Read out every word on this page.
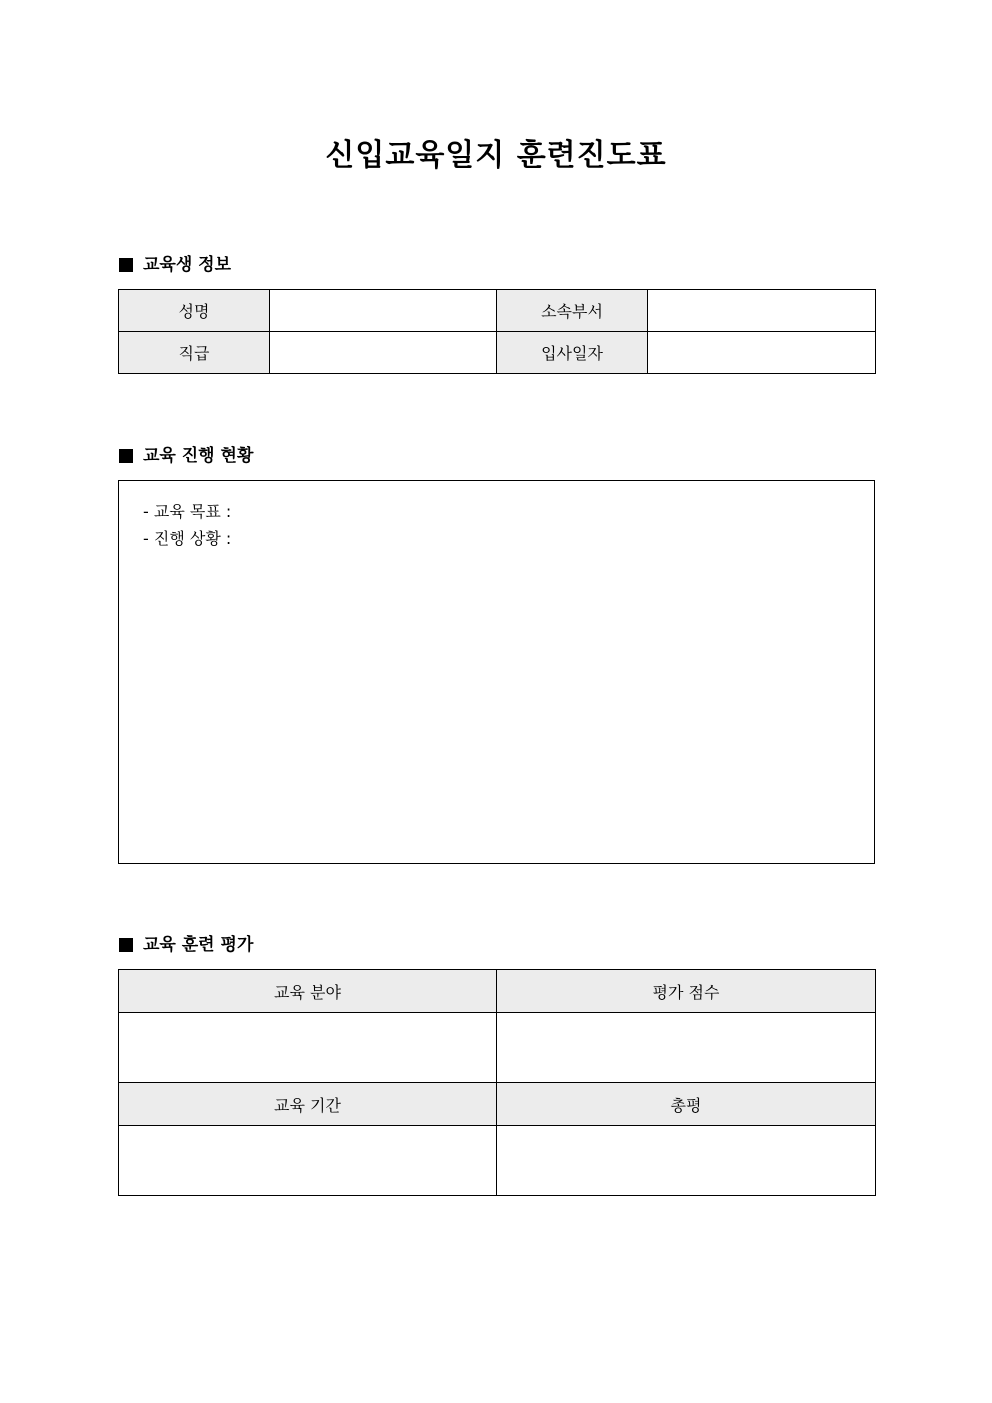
신입교육일지 훈련진도표
교육생 정보
성명		소속부서	
직급		입사일자	
교육 진행 현황
- 교육 목표 :
- 진행 상황 :
교육 훈련 평가
교육 분야	평가 점수

교육 기간	총평
